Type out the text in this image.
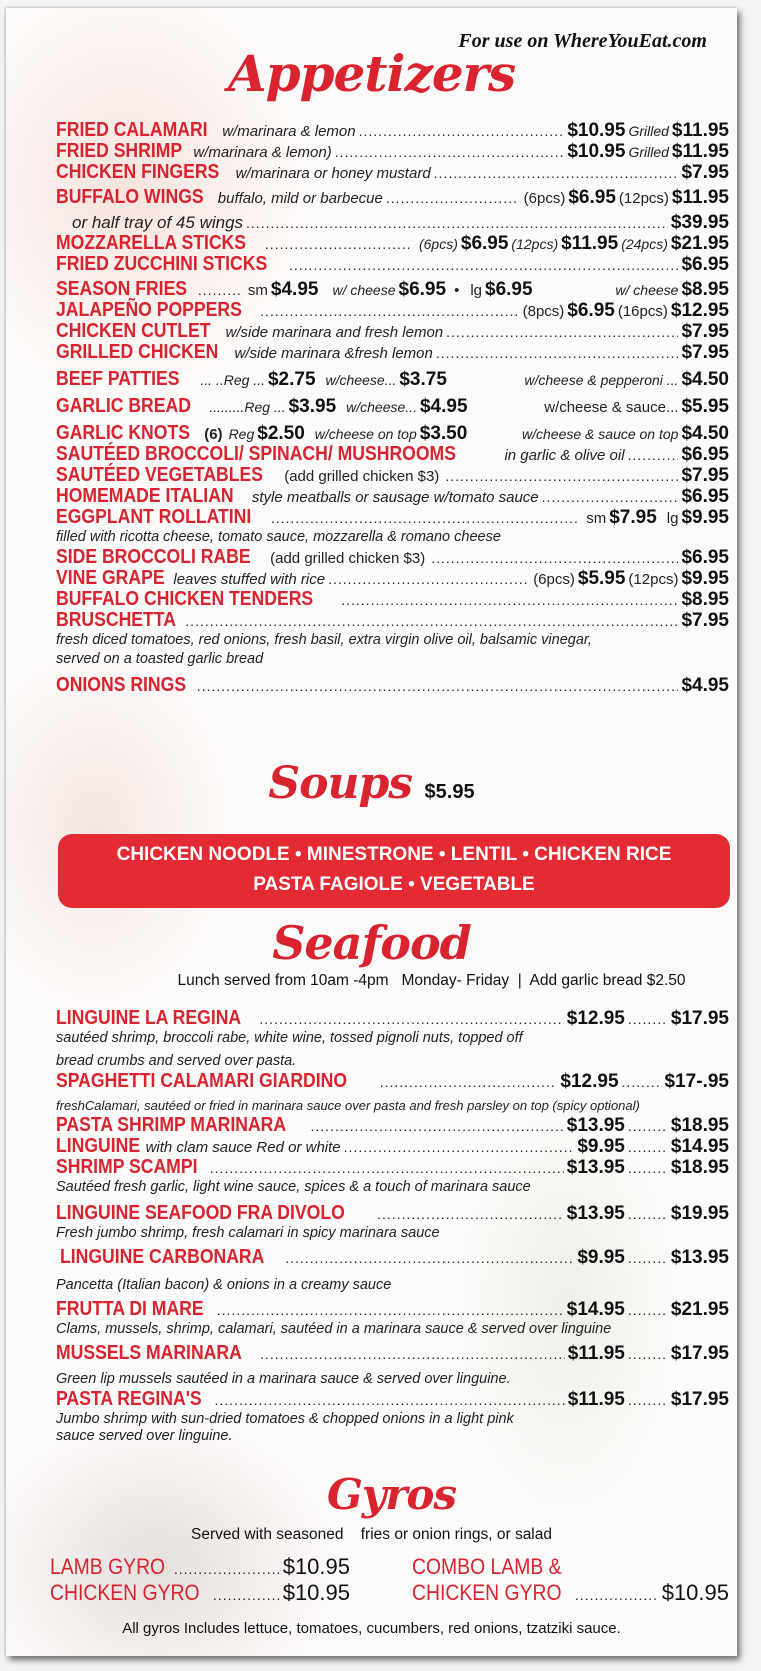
For use on WhereYouEat.com
Appetizers
FRIED CALAMARI w/marinara & lemon .....	$10.95 Grilled $11.95
FRIED SHRIMP w/marinara & lemon) .....	$10.95 Grilled $11.95
CHICKEN FINGERS w/marinara or honey mustard .....	$7.95
BUFFALO WINGS buffalo, mild or barbecue .....	(6pcs) $6.95 (12pcs) $11.95
or half tray of 45 wings .....	$39.95
MOZZARELLA STICKS .....	(6pcs) $6.95 (12pcs) $11.95 (24pcs) $21.95
FRIED ZUCCHINI STICKS .....	$6.95
SEASON FRIES .....	sm $4.95 w/ cheese $6.95 • lg $6.95	w/ cheese $8.95
JALAPEÑO POPPERS .....	(8pcs) $6.95 (16pcs) $12.95
CHICKEN CUTLET w/side marinara and fresh lemon .....	$7.95
GRILLED CHICKEN w/side marinara &fresh lemon .....	$7.95
BEEF PATTIES ... ..Reg ... $2.75 w/cheese... $3.75	w/cheese & pepperoni ... $4.50
GARLIC BREAD .........Reg ... $3.95 w/cheese... $4.95	w/cheese & sauce... $5.95
GARLIC KNOTS (6) Reg $2.50 w/cheese on top $3.50	w/cheese & sauce on top $4.50
SAUTÉED BROCCOLI/ SPINACH/ MUSHROOMS	in garlic & olive oil .....	$6.95
SAUTÉED VEGETABLES (add grilled chicken $3) .....	$7.95
HOMEMADE ITALIAN style meatballs or sausage w/tomato sauce .....	$6.95
EGGPLANT ROLLATINI .....	sm $7.95 lg $9.95
filled with ricotta cheese, tomato sauce, mozzarella & romano cheese
SIDE BROCCOLI RABE (add grilled chicken $3) .....	$6.95
VINE GRAPE leaves stuffed with rice .....	(6pcs) $5.95 (12pcs) $9.95
BUFFALO CHICKEN TENDERS .....	$8.95
BRUSCHETTA .....	$7.95
fresh diced tomatoes, red onions, fresh basil, extra virgin olive oil, balsamic vinegar,
served on a toasted garlic bread
ONIONS RINGS .....	$4.95
Soups $5.95
CHICKEN NOODLE • MINESTRONE • LENTIL • CHICKEN RICE
PASTA FAGIOLE • VEGETABLE
Seafood
Lunch served from 10am -4pm   Monday- Friday  |  Add garlic bread $2.50
LINGUINE LA REGINA .....	$12.95 ..... $17.95
sautéed shrimp, broccoli rabe, white wine, tossed pignoli nuts, topped off
bread crumbs and served over pasta.
SPAGHETTI CALAMARI GIARDINO .....	$12.95 ..... $17-.95
freshCalamari, sautéed or fried in marinara sauce over pasta and fresh parsley on top (spicy optional)
PASTA SHRIMP MARINARA .....	$13.95 ..... $18.95
LINGUINE with clam sauce Red or white .....	$9.95 ..... $14.95
SHRIMP SCAMPI .....	$13.95 ..... $18.95
Sautéed fresh garlic, light wine sauce, spices & a touch of marinara sauce
LINGUINE SEAFOOD FRA DIVOLO .....	$13.95 ..... $19.95
Fresh jumbo shrimp, fresh calamari in spicy marinara sauce
LINGUINE CARBONARA .....	$9.95 ..... $13.95
Pancetta (Italian bacon) & onions in a creamy sauce
FRUTTA DI MARE .....	$14.95 ..... $21.95
Clams, mussels, shrimp, calamari, sautéed in a marinara sauce & served over linguine
MUSSELS MARINARA .....	$11.95 ..... $17.95
Green lip mussels sautéed in a marinara sauce & served over linguine.
PASTA REGINA'S .....	$11.95 ..... $17.95
Jumbo shrimp with sun-dried tomatoes & chopped onions in a light pink
sauce served over linguine.
Gyros
Served with seasoned    fries or onion rings, or salad
LAMB GYRO .....	$10.95
CHICKEN GYRO .....	$10.95
COMBO LAMB &
CHICKEN GYRO .....	$10.95
All gyros Includes lettuce, tomatoes, cucumbers, red onions, tzatziki sauce.
